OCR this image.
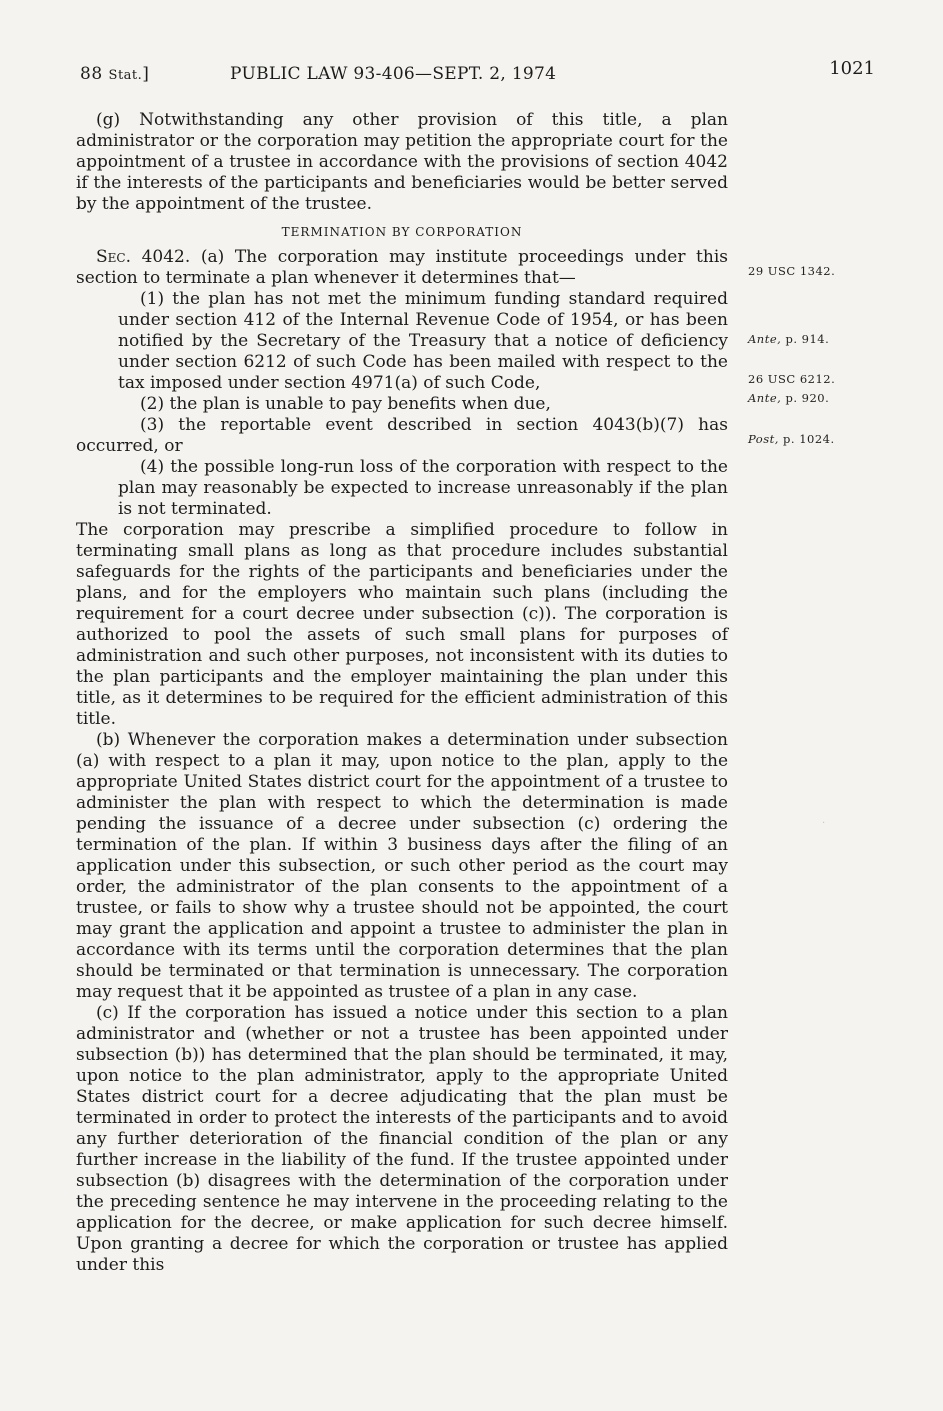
88 Stat.]	PUBLIC LAW 93-406—SEPT. 2, 1974	1021

(g) Notwithstanding any other provision of this title, a plan administrator or the corporation may petition the appropriate court for the appointment of a trustee in accordance with the provisions of section 4042 if the interests of the participants and beneficiaries would be better served by the appointment of the trustee.

TERMINATION BY CORPORATION

Sec. 4042. (a) The corporation may institute proceedings under this section to terminate a plan whenever it determines that—

(1) the plan has not met the minimum funding standard required under section 412 of the Internal Revenue Code of 1954, or has been notified by the Secretary of the Treasury that a notice of deficiency under section 6212 of such Code has been mailed with respect to the tax imposed under section 4971(a) of such Code,

(2) the plan is unable to pay benefits when due,

(3) the reportable event described in section 4043(b)(7) has occurred, or

(4) the possible long-run loss of the corporation with respect to the plan may reasonably be expected to increase unreasonably if the plan is not terminated.

The corporation may prescribe a simplified procedure to follow in terminating small plans as long as that procedure includes substantial safeguards for the rights of the participants and beneficiaries under the plans, and for the employers who maintain such plans (including the requirement for a court decree under subsection (c)). The corporation is authorized to pool the assets of such small plans for purposes of administration and such other purposes, not inconsistent with its duties to the plan participants and the employer maintaining the plan under this title, as it determines to be required for the efficient administration of this title.

(b) Whenever the corporation makes a determination under subsection (a) with respect to a plan it may, upon notice to the plan, apply to the appropriate United States district court for the appointment of a trustee to administer the plan with respect to which the determination is made pending the issuance of a decree under subsection (c) ordering the termination of the plan. If within 3 business days after the filing of an application under this subsection, or such other period as the court may order, the administrator of the plan consents to the appointment of a trustee, or fails to show why a trustee should not be appointed, the court may grant the application and appoint a trustee to administer the plan in accordance with its terms until the corporation determines that the plan should be terminated or that termination is unnecessary. The corporation may request that it be appointed as trustee of a plan in any case.

(c) If the corporation has issued a notice under this section to a plan administrator and (whether or not a trustee has been appointed under subsection (b)) has determined that the plan should be terminated, it may, upon notice to the plan administrator, apply to the appropriate United States district court for a decree adjudicating that the plan must be terminated in order to protect the interests of the participants and to avoid any further deterioration of the financial condition of the plan or any further increase in the liability of the fund. If the trustee appointed under subsection (b) disagrees with the determination of the corporation under the preceding sentence he may intervene in the proceeding relating to the application for the decree, or make application for such decree himself. Upon granting a decree for which the corporation or trustee has applied under this

29 USC 1342.
Ante, p. 914.
26 USC 6212.
Ante, p. 920.
Post, p. 1024.
·
